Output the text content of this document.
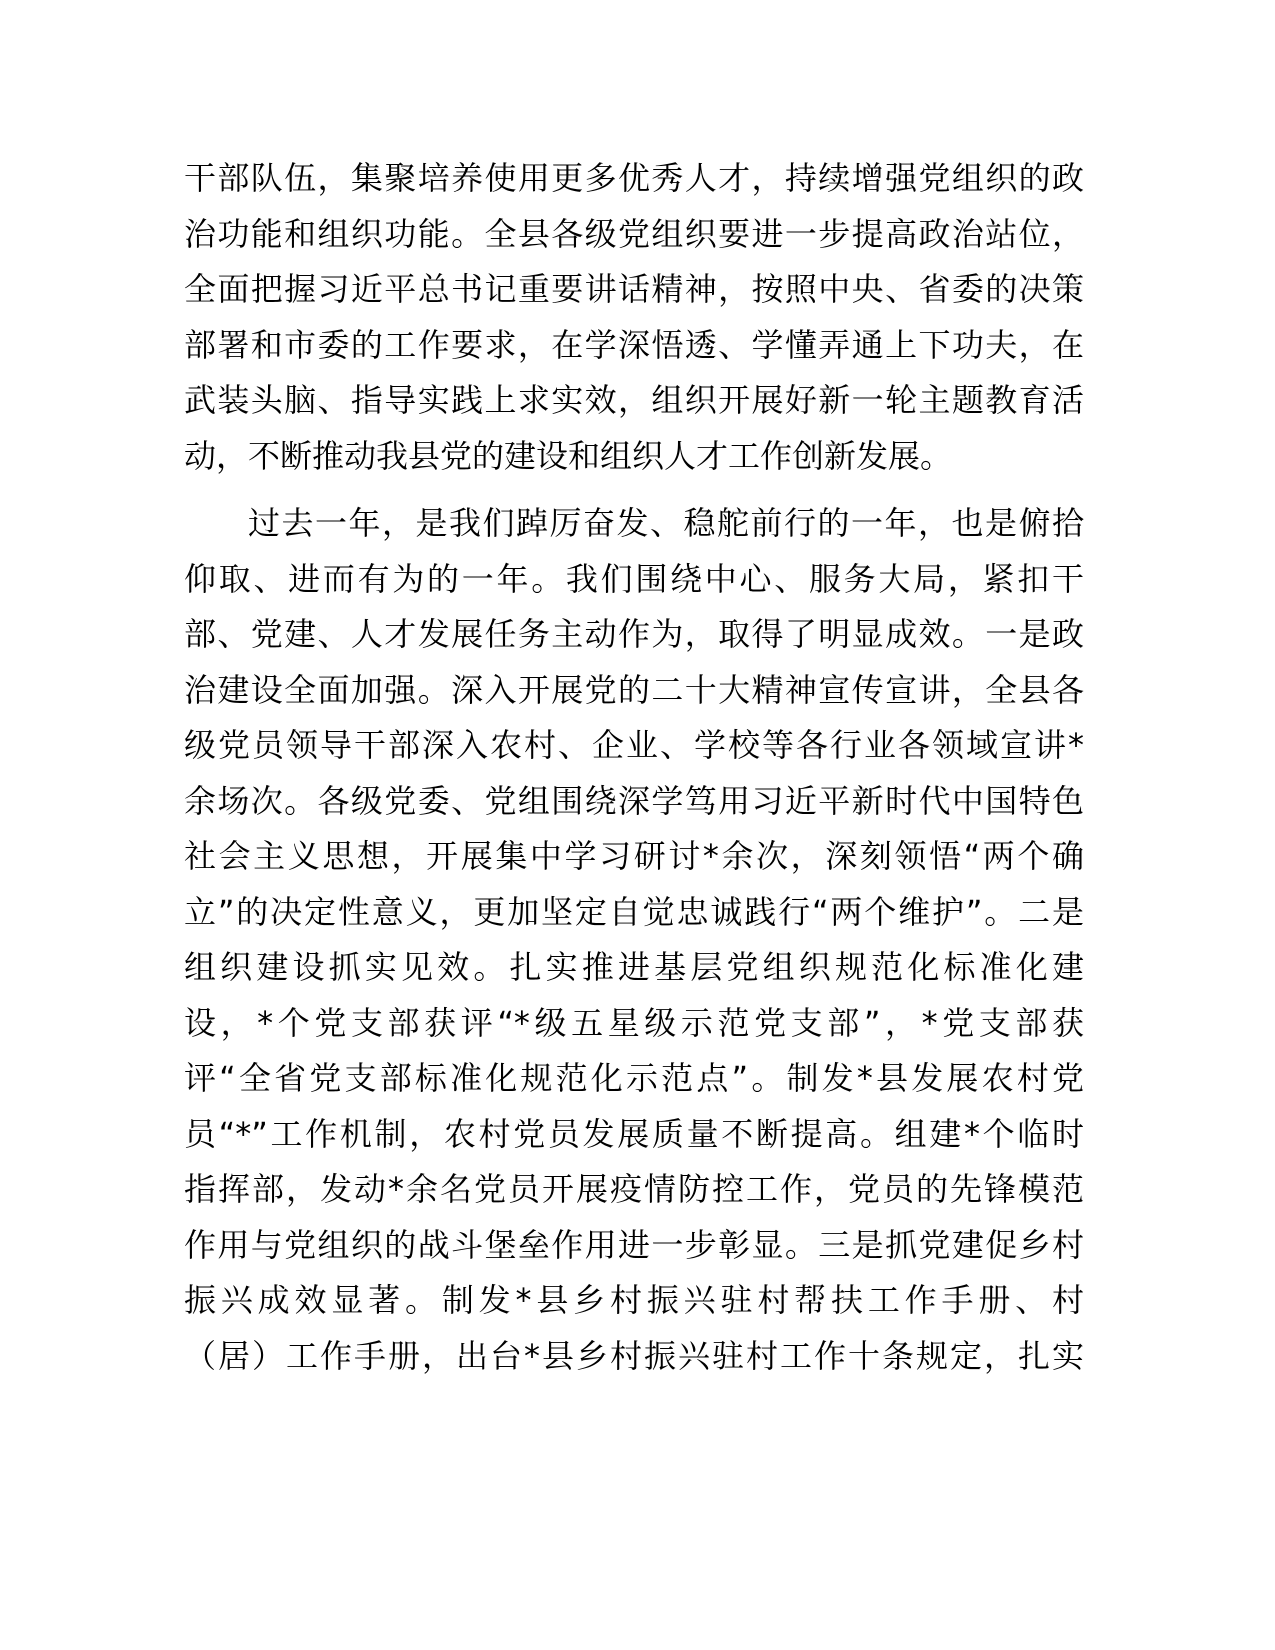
干部队伍，集聚培养使用更多优秀人才，持续增强党组织的政
治功能和组织功能。全县各级党组织要进一步提高政治站位，
全面把握习近平总书记重要讲话精神，按照中央、省委的决策
部署和市委的工作要求，在学深悟透、学懂弄通上下功夫，在
武装头脑、指导实践上求实效，组织开展好新一轮主题教育活
动，不断推动我县党的建设和组织人才工作创新发展。
过去一年，是我们踔厉奋发、稳舵前行的一年，也是俯拾
仰取、进而有为的一年。我们围绕中心、服务大局，紧扣干
部、党建、人才发展任务主动作为，取得了明显成效。一是政
治建设全面加强。深入开展党的二十大精神宣传宣讲，全县各
级党员领导干部深入农村、企业、学校等各行业各领域宣讲*
余场次。各级党委、党组围绕深学笃用习近平新时代中国特色
社会主义思想，开展集中学习研讨*余次，深刻领悟“两个确
立”的决定性意义，更加坚定自觉忠诚践行“两个维护”。二是
组织建设抓实见效。扎实推进基层党组织规范化标准化建
设，*个党支部获评“*级五星级示范党支部”，*党支部获
评“全省党支部标准化规范化示范点”。制发*县发展农村党
员“*”工作机制，农村党员发展质量不断提高。组建*个临时
指挥部，发动*余名党员开展疫情防控工作，党员的先锋模范
作用与党组织的战斗堡垒作用进一步彰显。三是抓党建促乡村
振兴成效显著。制发*县乡村振兴驻村帮扶工作手册、村
（居）工作手册，出台*县乡村振兴驻村工作十条规定，扎实
